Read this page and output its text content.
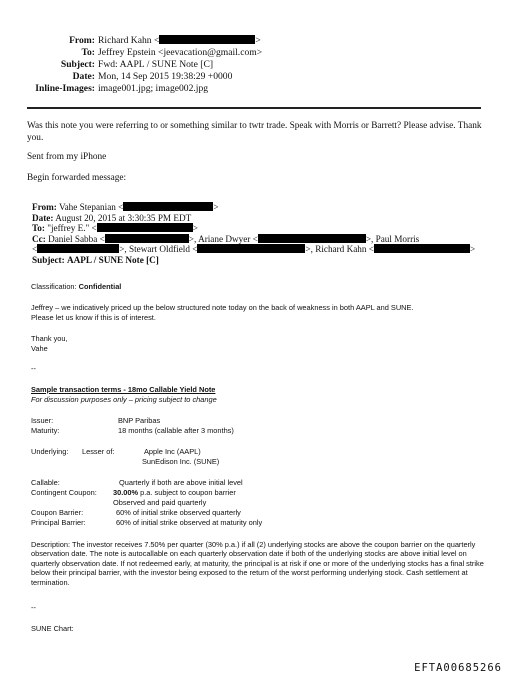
From: Richard Kahn <	>
To: Jeffrey Epstein <jeevacation@gmail.com>
Subject: Fwd: AAPL / SUNE Note [C]
Date: Mon, 14 Sep 2015 19:38:29 +0000
Inline-Images: image001.jpg; image002.jpg
Was this note you were referring to or something similar to twtr trade. Speak with Morris or Barrett? Please advise. Thank you.
Sent from my iPhone
Begin forwarded message:
From: Vahe Stepanian <	>
Date: August 20, 2015 at 3:30:35 PM EDT
To: "jeffrey E." <	>
Cc: Daniel Sabba <	>, Ariane Dwyer <	>, Paul Morris
<	>, Stewart Oldfield <	>, Richard Kahn <	>
Subject: AAPL / SUNE Note [C]
Classification: Confidential
Jeffrey – we indicatively priced up the below structured note today on the back of weakness in both AAPL and SUNE.
Please let us know if this is of interest.
Thank you,
Vahe
--
Sample transaction terms - 18mo Callable Yield Note
For discussion purposes only – pricing subject to change
Issuer:	BNP Paribas
Maturity:	18 months (callable after 3 months)
Underlying: Lesser of:	Apple Inc (AAPL)
SunEdison Inc. (SUNE)
Callable:	Quarterly if both are above initial level
Contingent Coupon: 30.00% p.a. subject to coupon barrier
Observed and paid quarterly
Coupon Barrier:	60% of initial strike observed quarterly
Principal Barrier:	60% of initial strike observed at maturity only
Description: The investor receives 7.50% per quarter (30% p.a.) if all (2) underlying stocks are above the coupon barrier on the quarterly observation date. The note is autocallable on each quarterly observation date if both of the underlying stocks are above initial level on quarterly observation date. If not redeemed early, at maturity, the principal is at risk if one or more of the underlying stocks has a final strike below their principal barrier, with the investor being exposed to the return of the worst performing underlying stock. Cash settlement at termination.
--
SUNE Chart:
EFTA00685266
